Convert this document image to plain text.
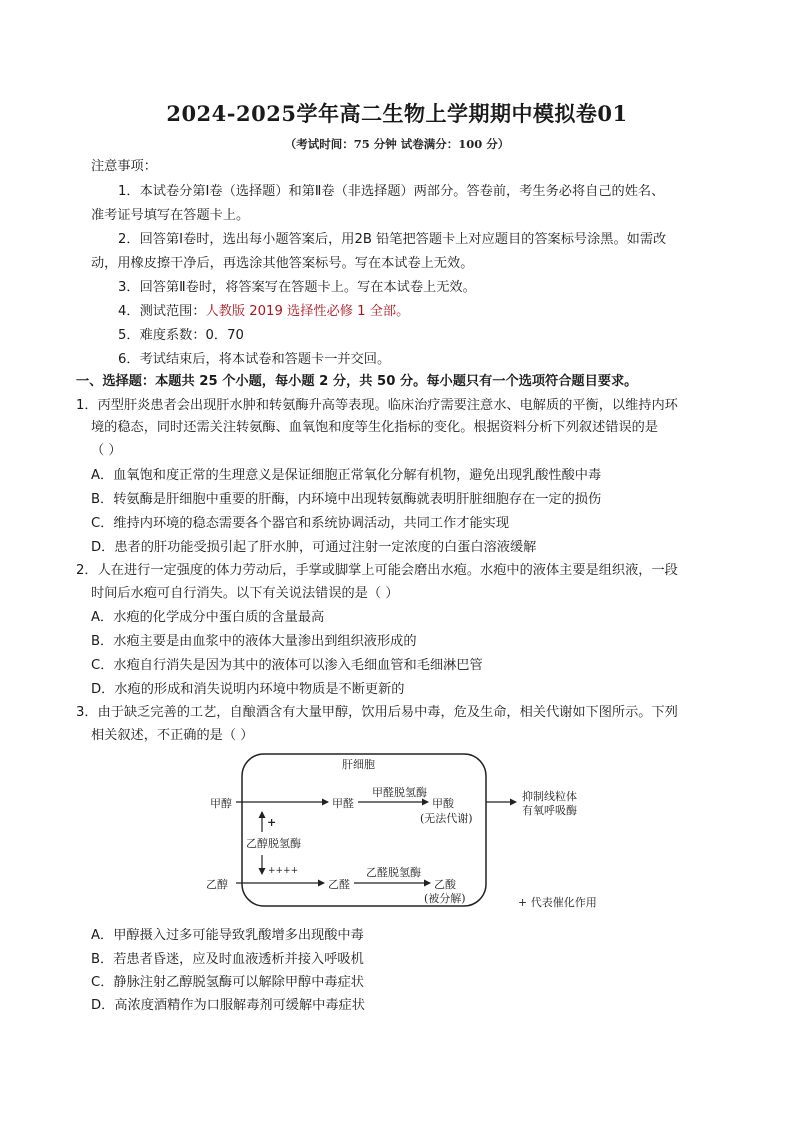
2024-2025学年高二生物上学期期中模拟卷01
（考试时间：75 分钟 试卷满分：100 分）
注意事项：
1．本试卷分第Ⅰ卷（选择题）和第Ⅱ卷（非选择题）两部分。答卷前，考生务必将自己的姓名、
准考证号填写在答题卡上。
2．回答第Ⅰ卷时，选出每小题答案后，用2B 铅笔把答题卡上对应题目的答案标号涂黑。如需改
动，用橡皮擦干净后，再选涂其他答案标号。写在本试卷上无效。
3．回答第Ⅱ卷时，将答案写在答题卡上。写在本试卷上无效。
4．测试范围：人教版 2019 选择性必修 1 全部。
5．难度系数：0．70
6．考试结束后，将本试卷和答题卡一并交回。
一、选择题：本题共 25 个小题，每小题 2 分，共 50 分。每小题只有一个选项符合题目要求。
1．丙型肝炎患者会出现肝水肿和转氨酶升高等表现。临床治疗需要注意水、电解质的平衡，以维持内环
境的稳态，同时还需关注转氨酶、血氧饱和度等生化指标的变化。根据资料分析下列叙述错误的是
（ ）
A．血氧饱和度正常的生理意义是保证细胞正常氧化分解有机物，避免出现乳酸性酸中毒
B．转氨酶是肝细胞中重要的肝酶，内环境中出现转氨酶就表明肝脏细胞存在一定的损伤
C．维持内环境的稳态需要各个器官和系统协调活动，共同工作才能实现
D．患者的肝功能受损引起了肝水肿，可通过注射一定浓度的白蛋白溶液缓解
2．人在进行一定强度的体力劳动后，手掌或脚掌上可能会磨出水疱。水疱中的液体主要是组织液，一段
时间后水疱可自行消失。以下有关说法错误的是（ ）
A．水疱的化学成分中蛋白质的含量最高
B．水疱主要是由血浆中的液体大量渗出到组织液形成的
C．水疱自行消失是因为其中的液体可以渗入毛细血管和毛细淋巴管
D．水疱的形成和消失说明内环境中物质是不断更新的
3．由于缺乏完善的工艺，自酿酒含有大量甲醇，饮用后易中毒，危及生命，相关代谢如下图所示。下列
相关叙述，不正确的是（ ）
肝细胞
甲醇	甲醛
甲醛脱氢酶
甲酸
(无法代谢)
抑制线粒体
有氧呼吸酶
+
乙醇脱氢酶
++++
乙醇	乙醛
乙醛脱氢酶
乙酸
(被分解)	+ 代表催化作用
A．甲醇摄入过多可能导致乳酸增多出现酸中毒
B．若患者昏迷，应及时血液透析并接入呼吸机
C．静脉注射乙醇脱氢酶可以解除甲醇中毒症状
D．高浓度酒精作为口服解毒剂可缓解中毒症状
